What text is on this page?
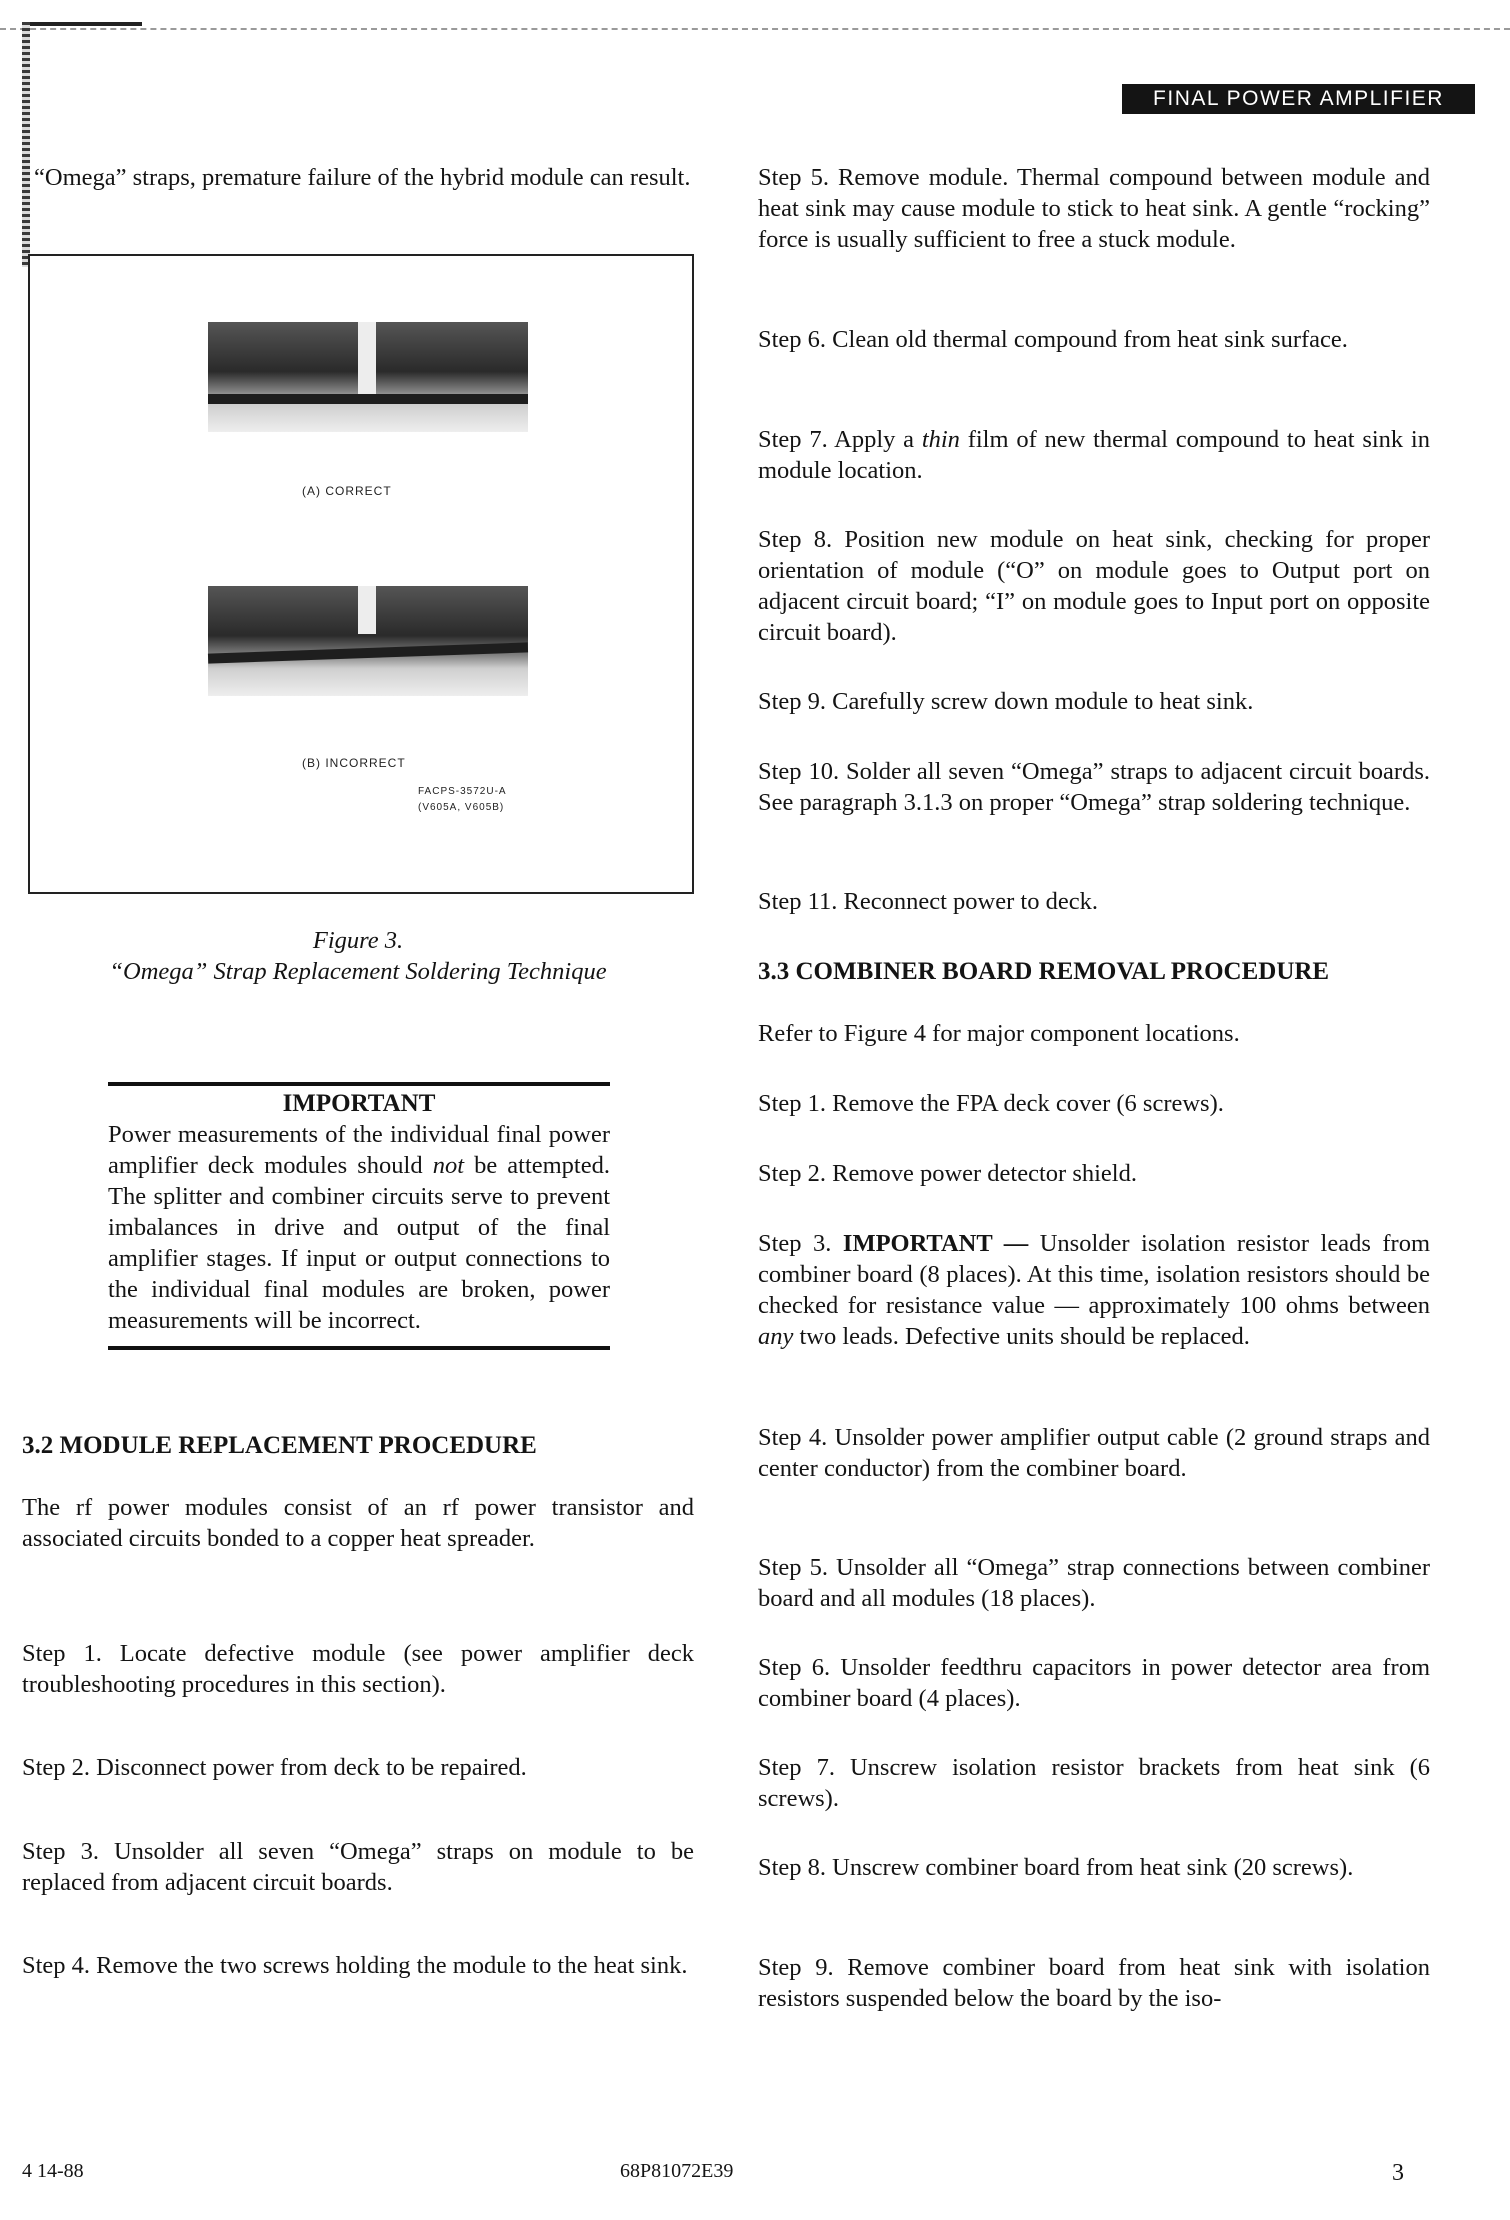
FINAL POWER AMPLIFIER

“Omega” straps, premature failure of the hybrid module can result.

(A) CORRECT
(B) INCORRECT
FACPS-3572U-A
(V605A, V605B)
Figure 3.
“Omega” Strap Replacement Soldering Technique
IMPORTANT
Power measurements of the individual final power amplifier deck modules should not be attempted. The splitter and combiner circuits serve to prevent imbalances in drive and output of the final amplifier stages. If input or output connections to the individual final modules are broken, power measurements will be incorrect.

3.2 MODULE REPLACEMENT PROCEDURE

The rf power modules consist of an rf power transistor and associated circuits bonded to a copper heat spreader.

Step 1. Locate defective module (see power amplifier deck troubleshooting procedures in this section).

Step 2. Disconnect power from deck to be repaired.

Step 3. Unsolder all seven “Omega” straps on module to be replaced from adjacent circuit boards.

Step 4. Remove the two screws holding the module to the heat sink.

Step 5. Remove module. Thermal compound between module and heat sink may cause module to stick to heat sink. A gentle “rocking” force is usually sufficient to free a stuck module.

Step 6. Clean old thermal compound from heat sink surface.

Step 7. Apply a thin film of new thermal compound to heat sink in module location.

Step 8. Position new module on heat sink, checking for proper orientation of module (“O” on module goes to Output port on adjacent circuit board; “I” on module goes to Input port on opposite circuit board).

Step 9. Carefully screw down module to heat sink.

Step 10. Solder all seven “Omega” straps to adjacent circuit boards. See paragraph 3.1.3 on proper “Omega” strap soldering technique.

Step 11. Reconnect power to deck.

3.3 COMBINER BOARD REMOVAL PROCEDURE

Refer to Figure 4 for major component locations.

Step 1. Remove the FPA deck cover (6 screws).

Step 2. Remove power detector shield.

Step 3. IMPORTANT — Unsolder isolation resistor leads from combiner board (8 places). At this time, isolation resistors should be checked for resistance value — approximately 100 ohms between any two leads. Defective units should be replaced.

Step 4. Unsolder power amplifier output cable (2 ground straps and center conductor) from the combiner board.

Step 5. Unsolder all “Omega” strap connections between combiner board and all modules (18 places).

Step 6. Unsolder feedthru capacitors in power detector area from combiner board (4 places).

Step 7. Unscrew isolation resistor brackets from heat sink (6 screws).

Step 8. Unscrew combiner board from heat sink (20 screws).

Step 9. Remove combiner board from heat sink with isolation resistors suspended below the board by the iso-

4 14-88	68P81072E39	3
